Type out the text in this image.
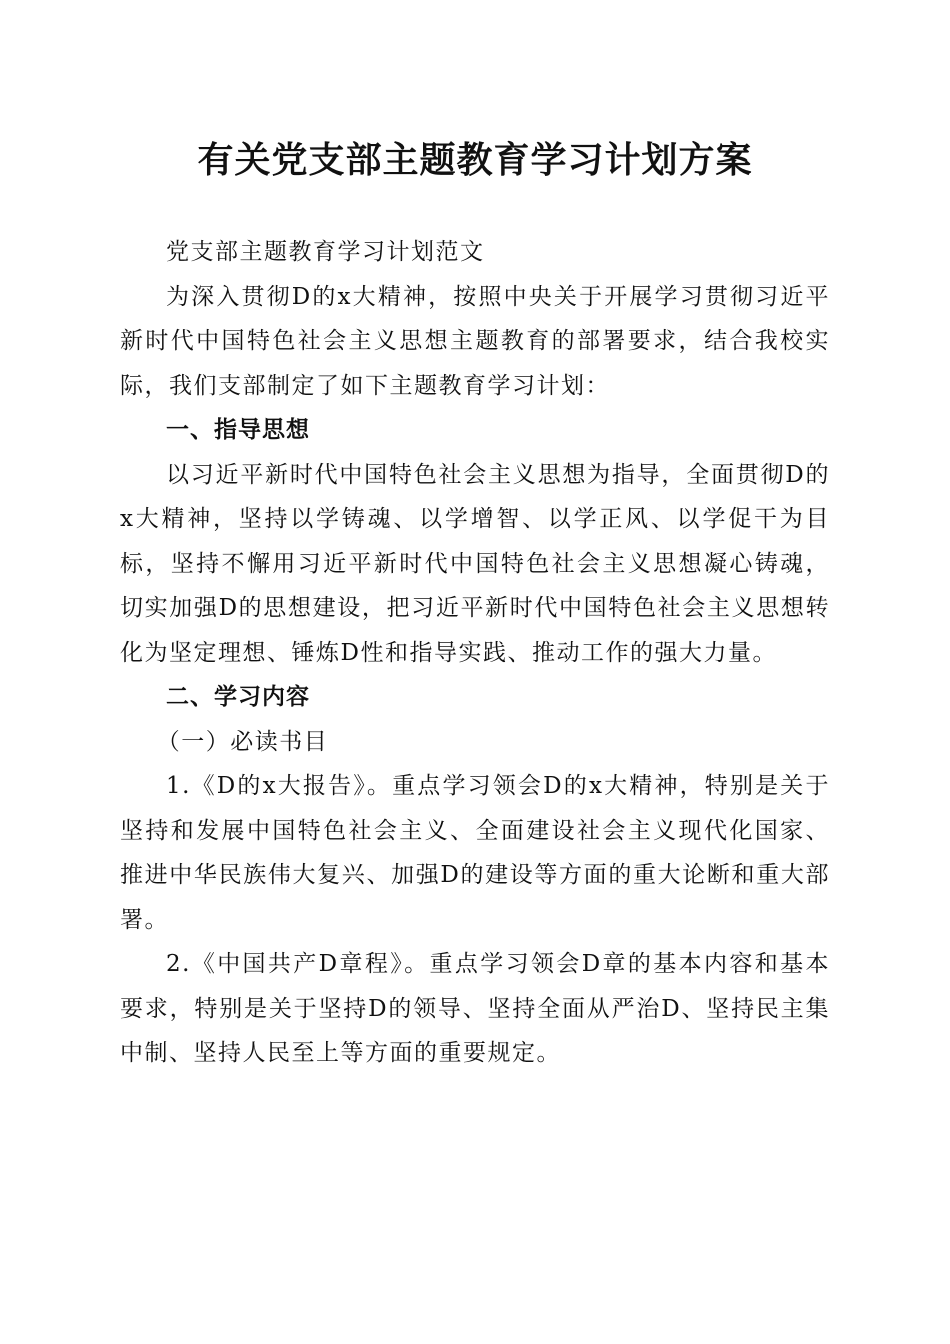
有关党支部主题教育学习计划方案

党支部主题教育学习计划范文

为深入贯彻D的x大精神，按照中央关于开展学习贯彻习近平新时代中国特色社会主义思想主题教育的部署要求，结合我校实际，我们支部制定了如下主题教育学习计划：

一、指导思想

以习近平新时代中国特色社会主义思想为指导，全面贯彻D的x大精神，坚持以学铸魂、以学增智、以学正风、以学促干为目标，坚持不懈用习近平新时代中国特色社会主义思想凝心铸魂，切实加强D的思想建设，把习近平新时代中国特色社会主义思想转化为坚定理想、锤炼D性和指导实践、推动工作的强大力量。

二、学习内容

（一）必读书目

1.《D的x大报告》。重点学习领会D的x大精神，特别是关于坚持和发展中国特色社会主义、全面建设社会主义现代化国家、推进中华民族伟大复兴、加强D的建设等方面的重大论断和重大部署。

2.《中国共产D章程》。重点学习领会D章的基本内容和基本要求，特别是关于坚持D的领导、坚持全面从严治D、坚持民主集中制、坚持人民至上等方面的重要规定。
